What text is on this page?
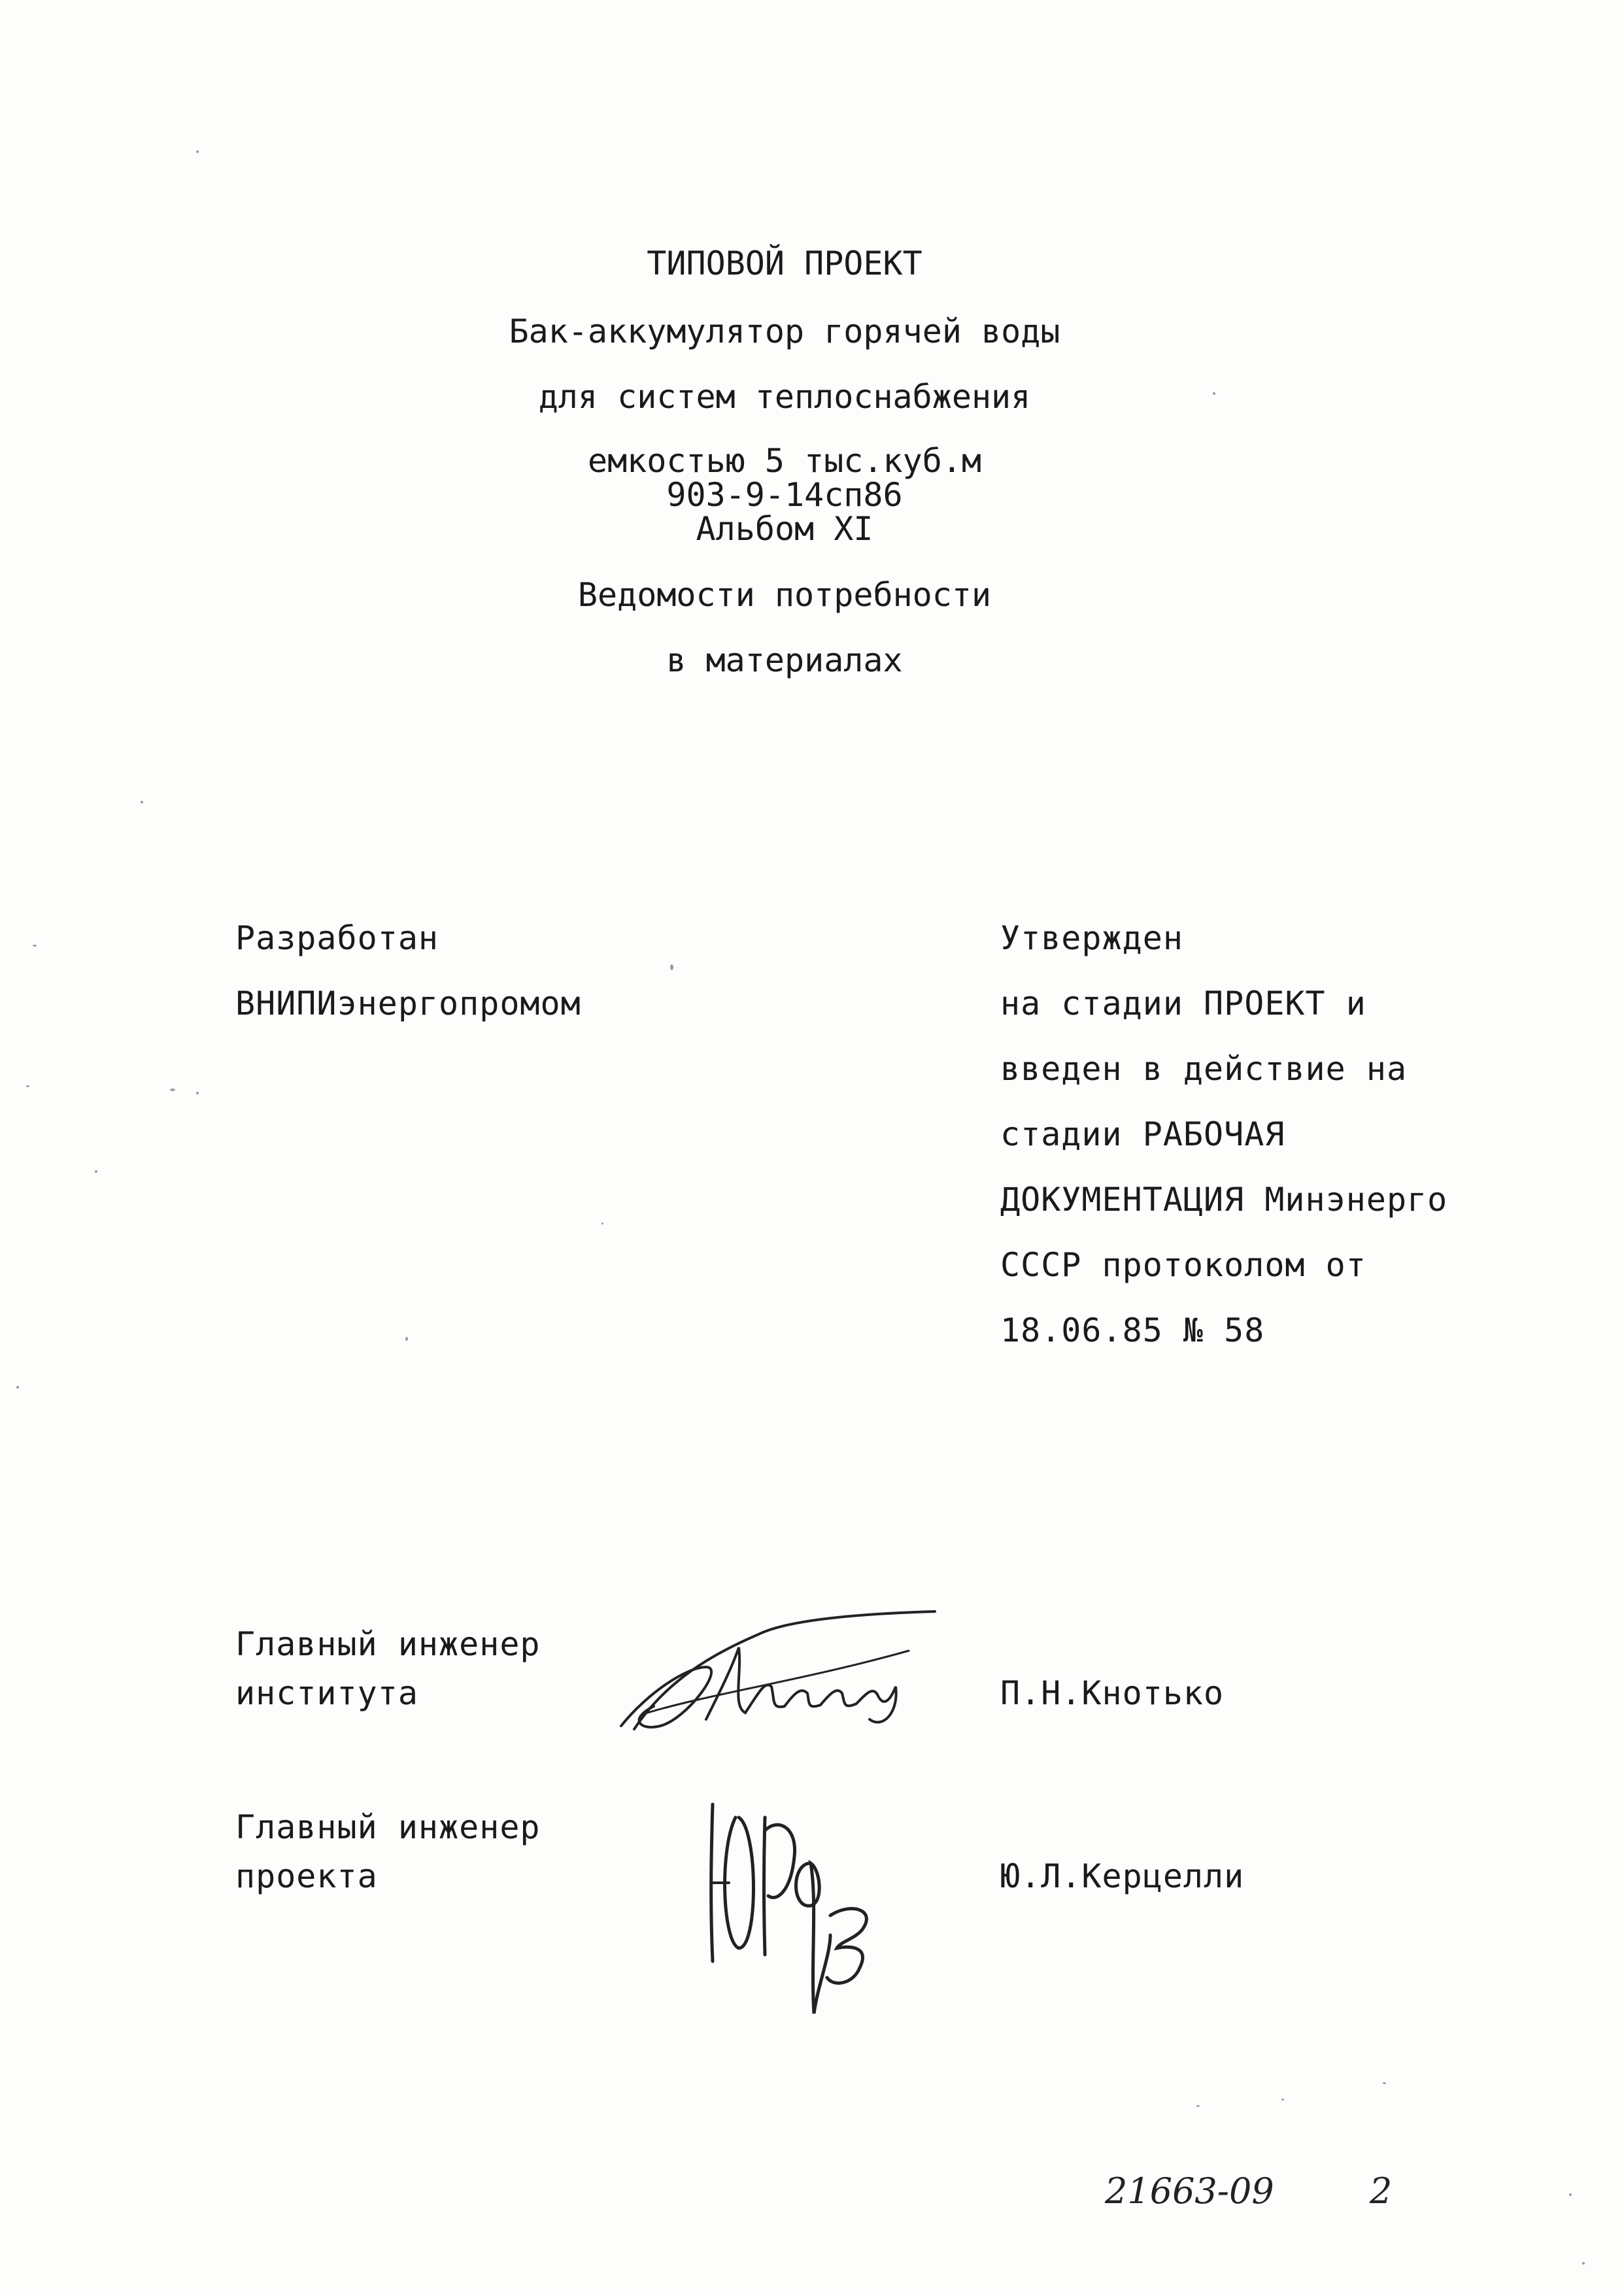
ТИПОВОЙ ПРОЕКТ
Бак-аккумулятор горячей воды
для систем теплоснабжения
емкостью 5 тыс.куб.м
903-9-14сп86
Альбом XI
Ведомости потребности
в материалах
Разработан
ВНИПИэнергопромом
Утвержден
на стадии ПРОЕКТ и
введен в действие на
стадии РАБОЧАЯ
ДОКУМЕНТАЦИЯ Минэнерго
СССР протоколом от
18.06.85 № 58
Главный инженер
института	П.Н.Кнотько
Главный инженер
проекта	Ю.Л.Керцелли
21663-09	2
